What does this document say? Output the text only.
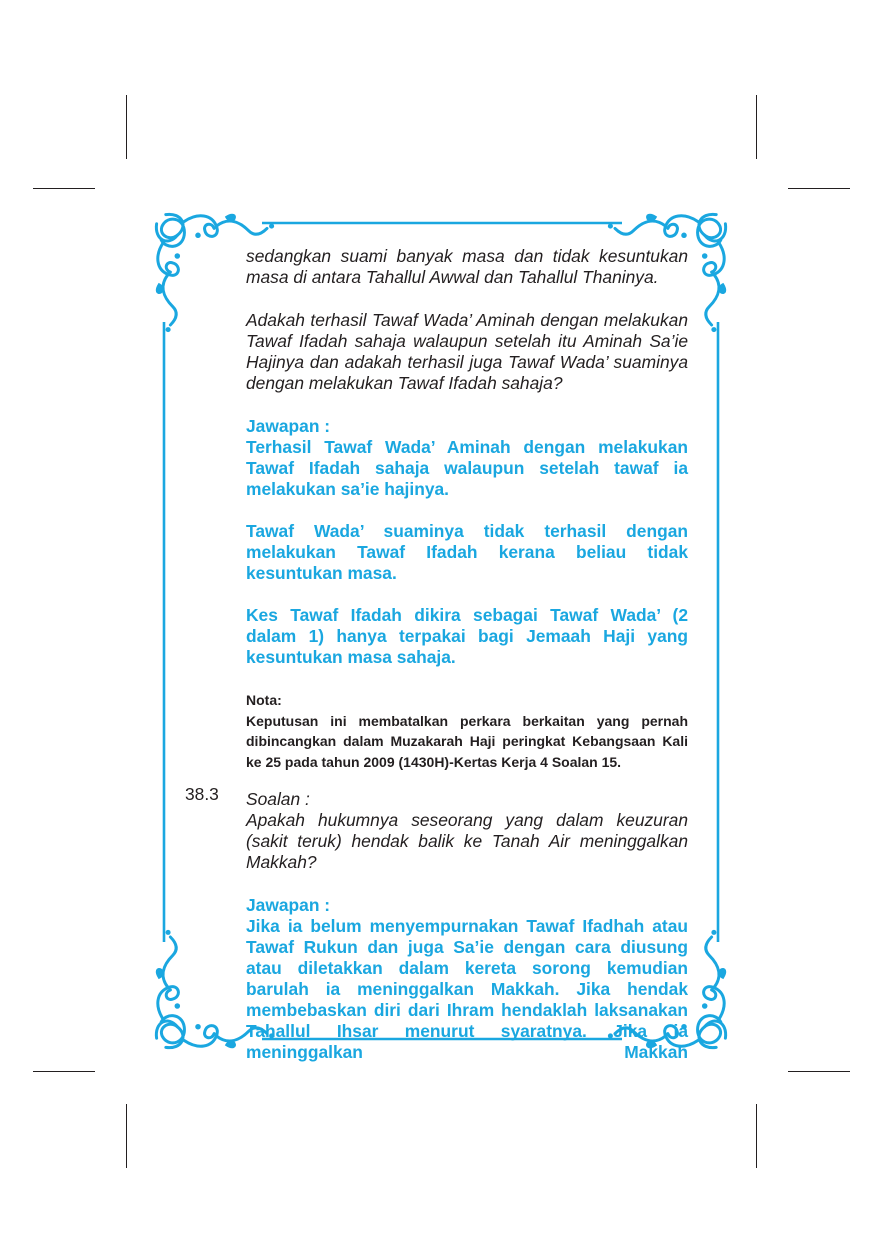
38.3

sedangkan suami banyak masa dan tidak kesuntukan masa di antara Tahallul Awwal dan Tahallul Thaninya.

Adakah terhasil Tawaf Wada’ Aminah dengan melakukan Tawaf Ifadah sahaja walaupun setelah itu Aminah Sa’ie Hajinya dan adakah terhasil juga Tawaf Wada’ suaminya dengan melakukan Tawaf Ifadah sahaja?

Jawapan :

Terhasil Tawaf Wada’ Aminah dengan melakukan Tawaf Ifadah sahaja walaupun setelah tawaf ia melakukan sa’ie hajinya.

Tawaf Wada’ suaminya tidak terhasil dengan melakukan Tawaf Ifadah kerana beliau tidak kesuntukan masa.

Kes Tawaf Ifadah dikira sebagai Tawaf Wada’ (2 dalam 1) hanya terpakai bagi Jemaah Haji yang kesuntukan masa sahaja.

Nota:

Keputusan ini membatalkan perkara berkaitan yang pernah dibincangkan dalam Muzakarah Haji peringkat Kebangsaan Kali ke 25 pada tahun 2009 (1430H)-Kertas Kerja 4 Soalan 15.

Soalan :

Apakah hukumnya seseorang yang dalam keuzuran (sakit teruk) hendak balik ke Tanah Air meninggalkan Makkah?

Jawapan :

Jika ia belum menyempurnakan Tawaf Ifadhah atau Tawaf Rukun dan juga Sa’ie dengan cara diusung atau diletakkan dalam kereta sorong kemudian barulah ia meninggalkan Makkah. Jika hendak membebaskan diri dari Ihram hendaklah laksanakan Tahallul Ihsar menurut syaratnya. Jika ia meninggalkan Makkah
